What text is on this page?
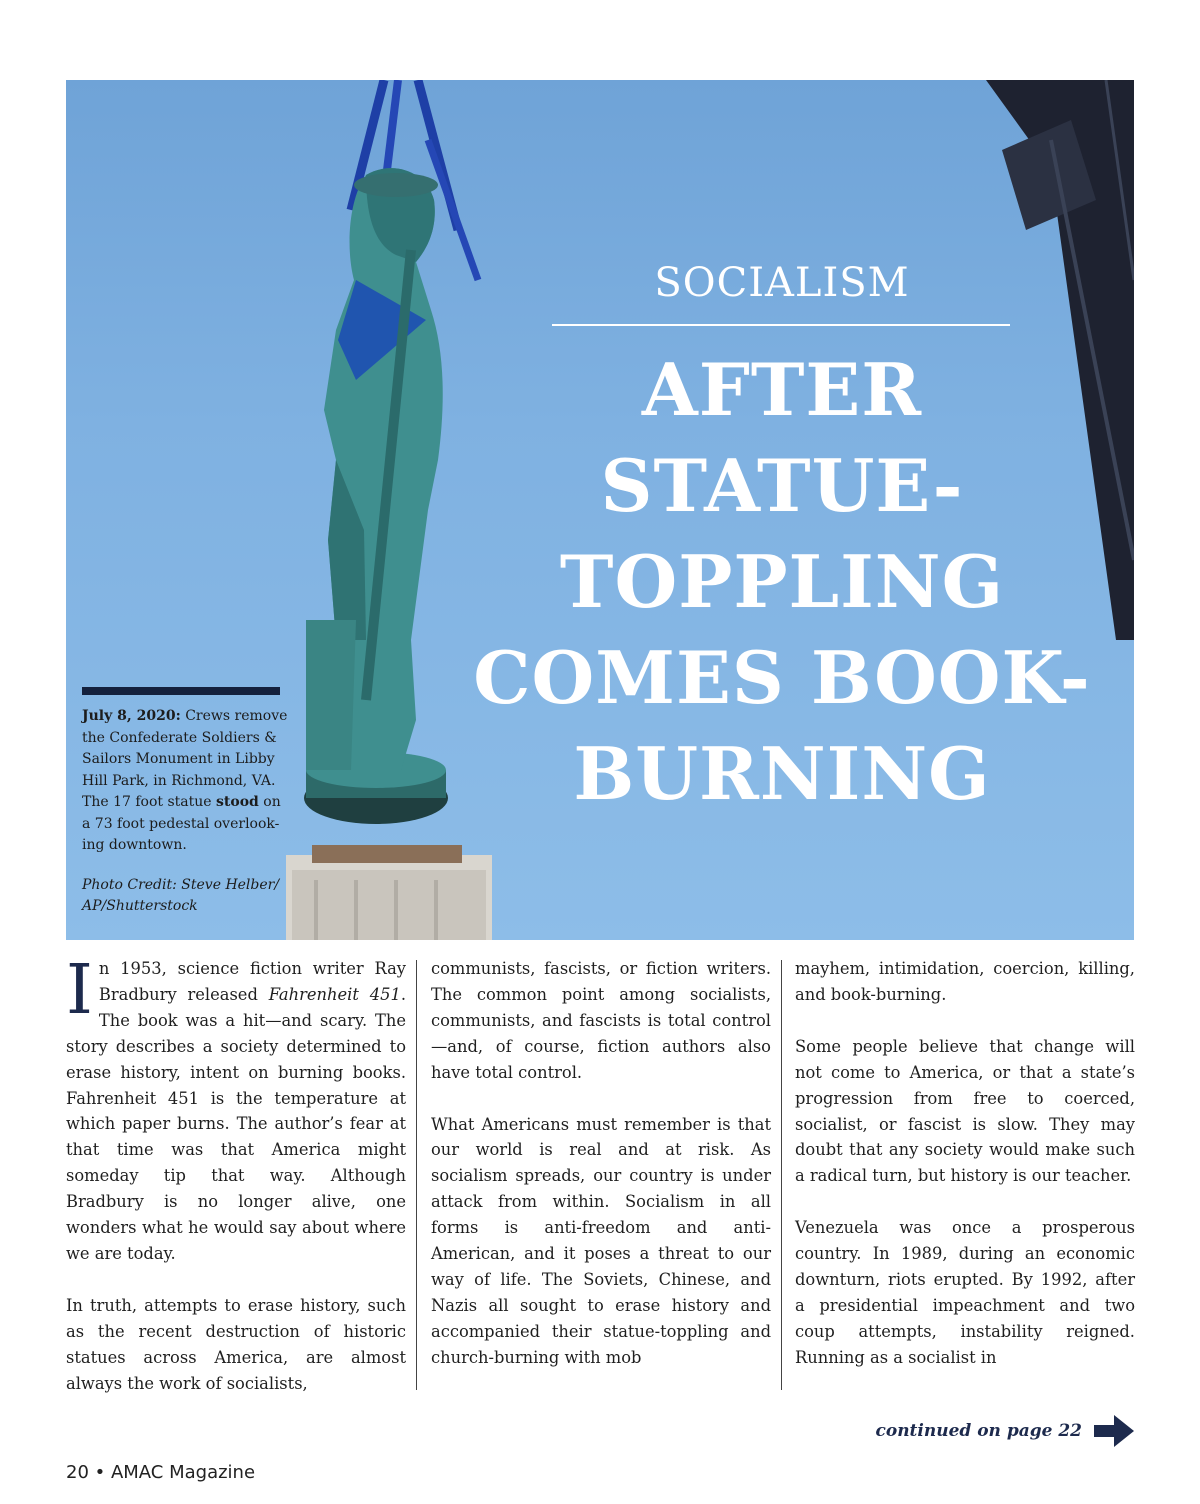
SOCIALISM
AFTER
STATUE-
TOPPLING
COMES BOOK-
BURNING
July 8, 2020: Crews remove the Confederate Soldiers & Sailors Monument in Libby Hill Park, in Richmond, VA. The 17 foot statue stood on a 73 foot pedestal overlook-ing downtown.
Photo Credit: Steve Helber/ AP/Shutterstock

In 1953, science fiction writer Ray Bradbury released Fahrenheit 451. The book was a hit—and scary. The story describes a society determined to erase history, intent on burning books. Fahrenheit 451 is the temperature at which paper burns. The author’s fear at that time was that America might someday tip that way. Although Bradbury is no longer alive, one wonders what he would say about where we are today.

In truth, attempts to erase history, such as the recent destruction of historic statues across America, are almost always the work of socialists,

communists, fascists, or fiction writers. The common point among socialists, communists, and fascists is total control—and, of course, fiction authors also have total control.

What Americans must remember is that our world is real and at risk. As socialism spreads, our country is under attack from within. Socialism in all forms is anti-freedom and anti-American, and it poses a threat to our way of life. The Soviets, Chinese, and Nazis all sought to erase history and accompanied their statue-toppling and church-burning with mob

mayhem, intimidation, coercion, killing, and book-burning.

Some people believe that change will not come to America, or that a state’s progression from free to coerced, socialist, or fascist is slow. They may doubt that any society would make such a radical turn, but history is our teacher.

Venezuela was once a prosperous country. In 1989, during an economic downturn, riots erupted. By 1992, after a presidential impeachment and two coup attempts, instability reigned. Running as a socialist in

20 • AMAC Magazine
continued on page 22
